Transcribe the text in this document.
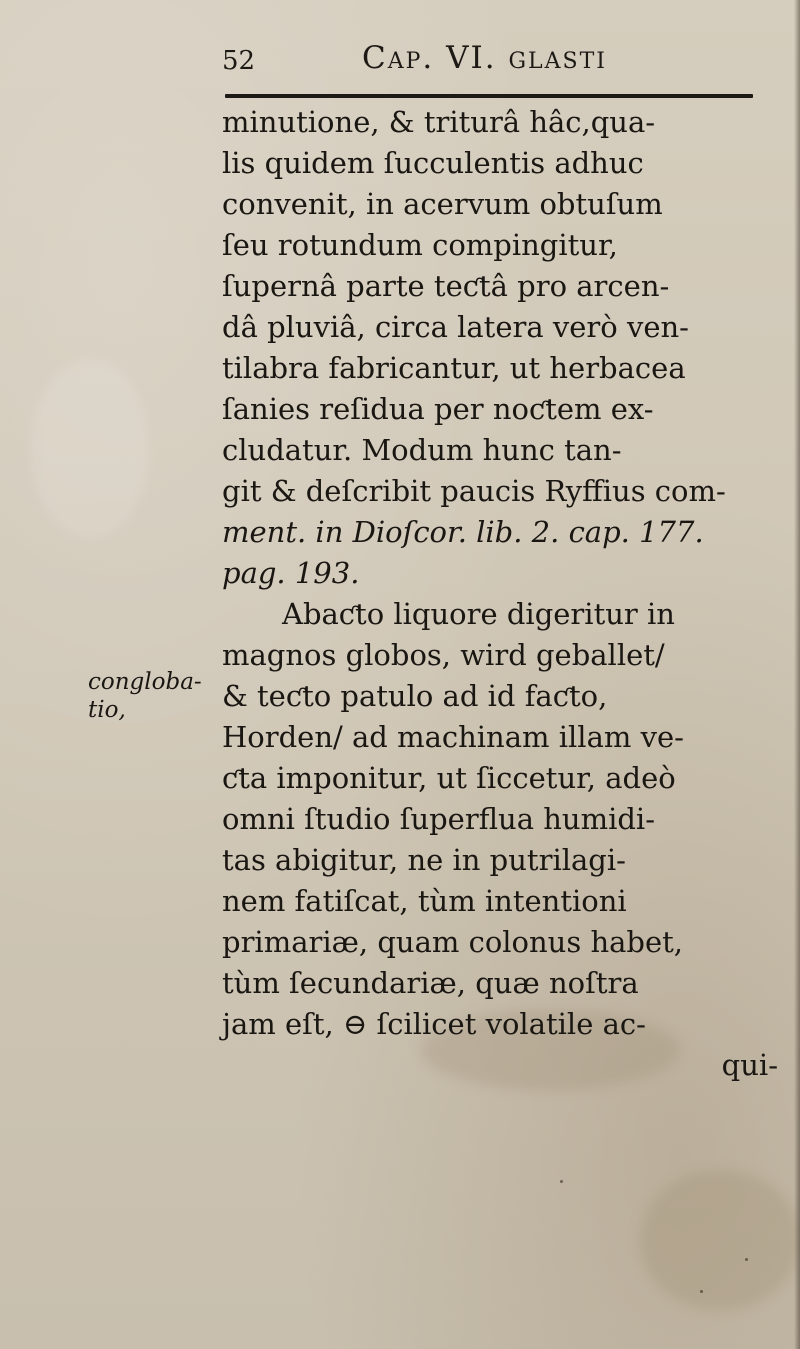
52	Cap. VI. glasti
congloba-
tio,
minutione, & triturâ hâc,qua-
lis quidem ſucculentis adhuc
convenit, in acervum obtuſum
ſeu rotundum compingitur,
ſupernâ parte teƈtâ pro arcen-
dâ pluviâ, circa latera verò ven-
tilabra fabricantur, ut herbacea
ſanies reſidua per noƈtem ex-
cludatur. Modum hunc tan-
git & deſcribit paucis Ryffius com-
ment. in Dioſcor. lib. 2. cap. 177.
pag. 193.
Abaƈto liquore digeritur in
magnos globos, wird geballet/
& teƈto patulo ad id faƈto,
Horden/ ad machinam illam ve-
ƈta imponitur, ut ſiccetur, adeò
omni ſtudio ſuperflua humidi-
tas abigitur, ne in putrilagi-
nem fatiſcat, tùm intentioni
primariæ, quam colonus habet,
tùm ſecundariæ, quæ noſtra
jam eſt, ⊖ ſcilicet volatile ac-
qui-
